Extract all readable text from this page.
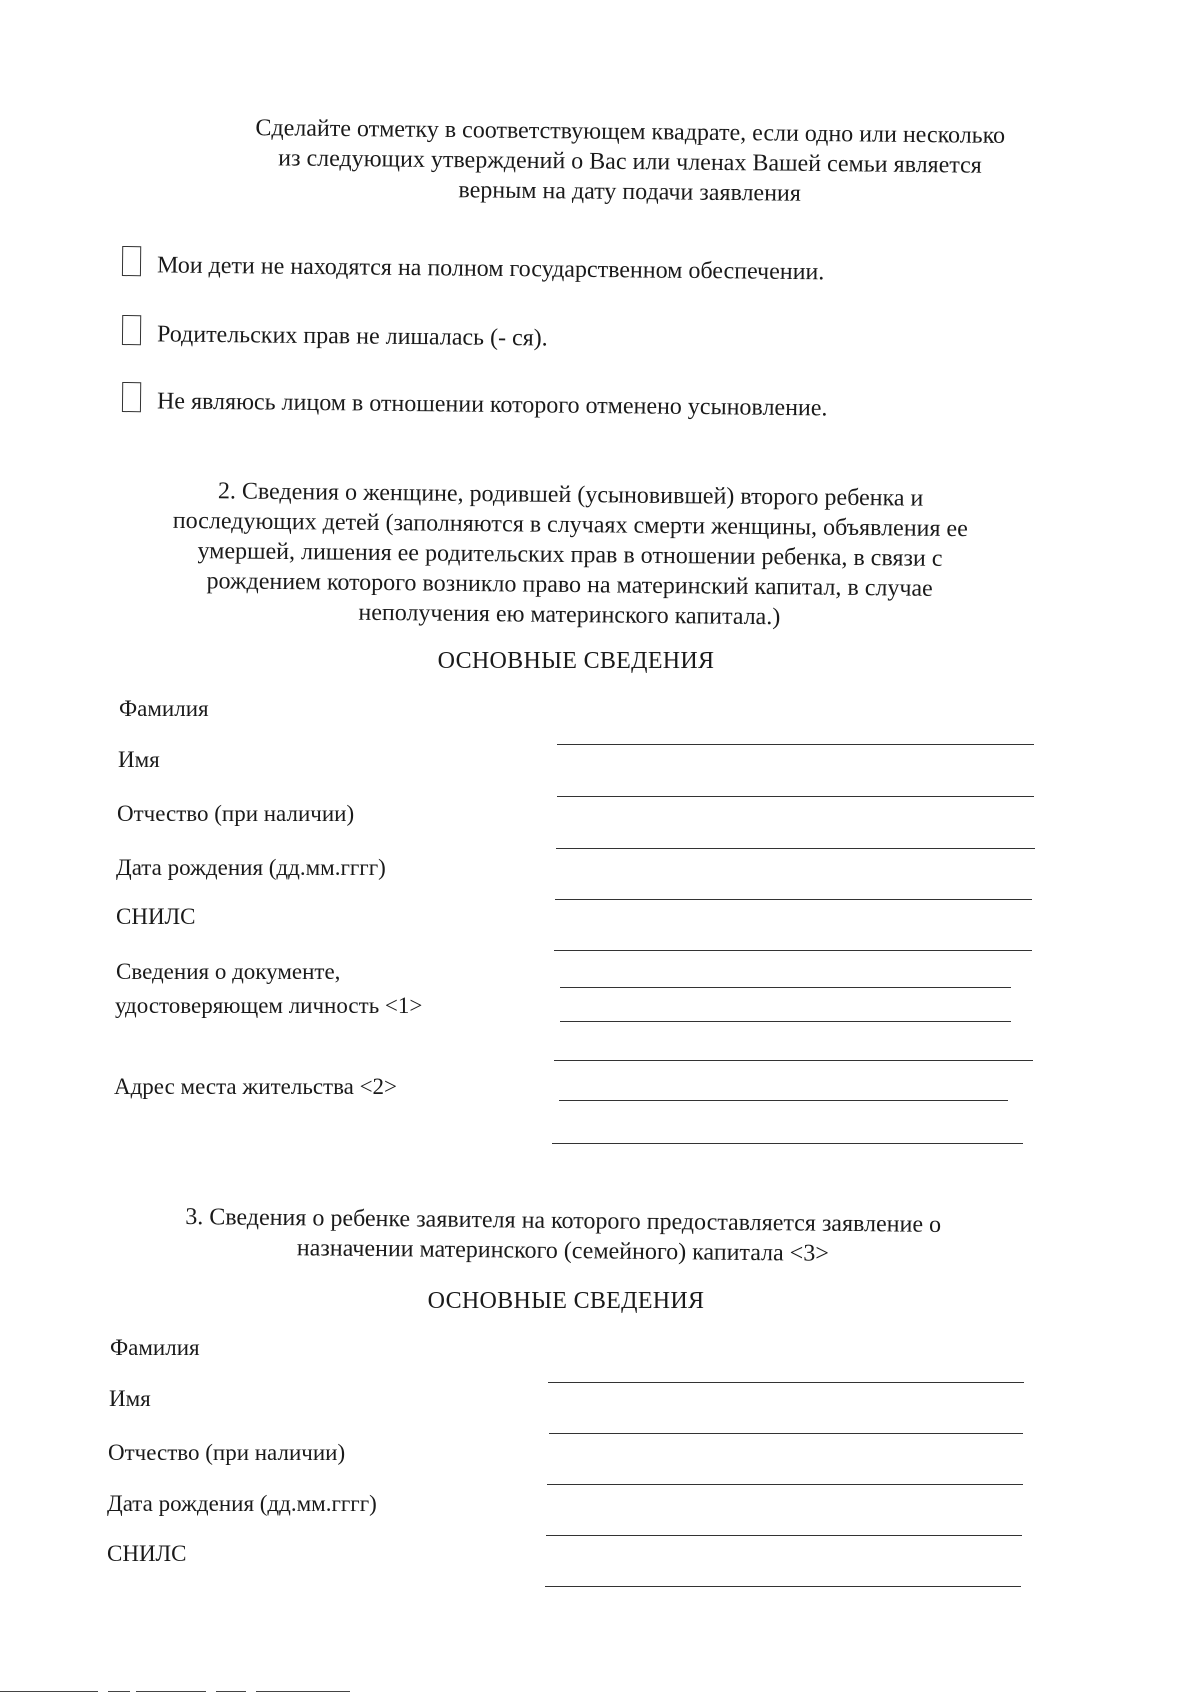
Сделайте отметку в соответствующем квадрате, если одно или несколько
из следующих утверждений о Вас или членах Вашей семьи является
верным на дату подачи заявления
Мои дети не находятся на полном государственном обеспечении.
Родительских прав не лишалась (- ся).
Не являюсь лицом в отношении которого отменено усыновление.
2. Сведения о женщине, родившей (усыновившей) второго ребенка и
последующих детей (заполняются в случаях смерти женщины, объявления ее
умершей, лишения ее родительских прав в отношении ребенка, в связи с
рождением которого возникло право на материнский капитал, в случае
неполучения ею материнского капитала.)
ОСНОВНЫЕ СВЕДЕНИЯ
Фамилия
Имя
Отчество (при наличии)
Дата рождения (дд.мм.гггг)
СНИЛС
Сведения о документе,
удостоверяющем личность <1>
Адрес места жительства <2>
3. Сведения о ребенке заявителя на которого предоставляется заявление о
назначении материнского (семейного) капитала <3>
ОСНОВНЫЕ СВЕДЕНИЯ
Фамилия
Имя
Отчество (при наличии)
Дата рождения (дд.мм.гггг)
СНИЛС
